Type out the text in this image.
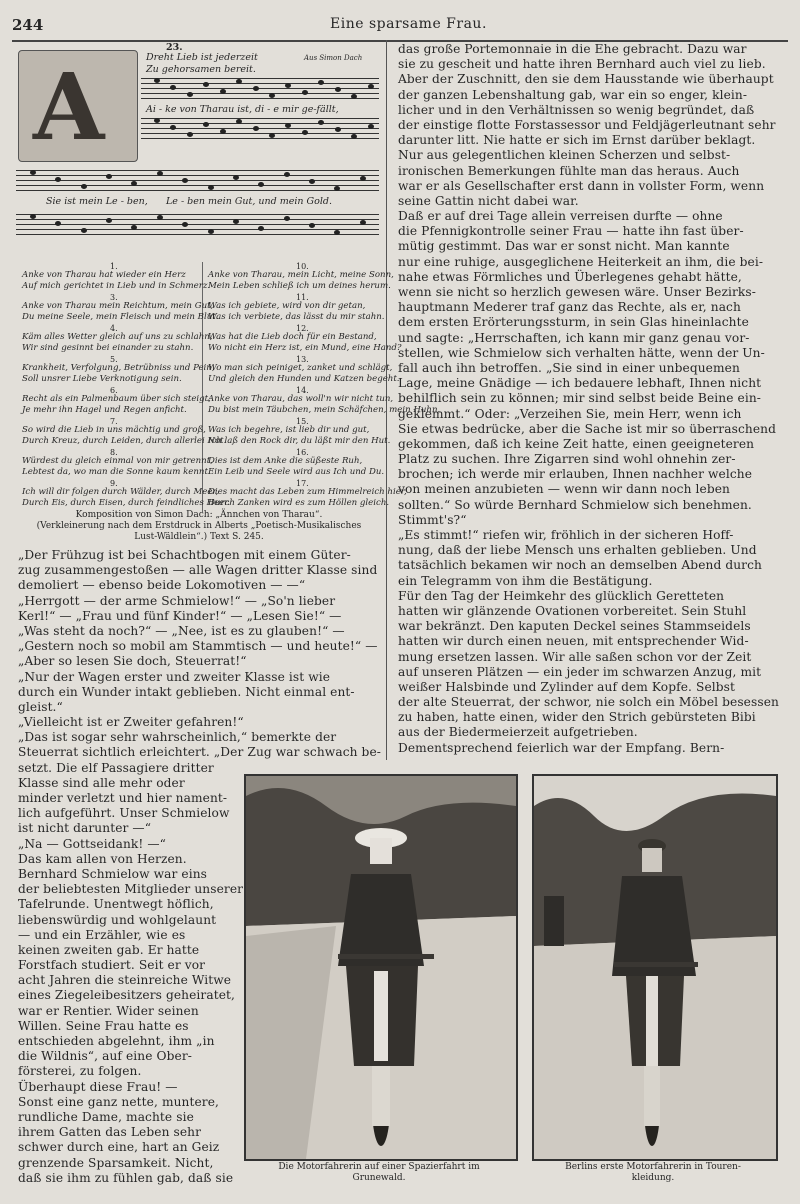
244	Eine sparsame Frau.
A
23.
Dreht Lieb ist jederzeit
Zu gehorsamen bereit.
Aus Simon Dach
Ai - ke von Tharau ist, di - e mir ge-fällt,
Sie ist mein Le - ben, Le - ben mein Gut, und mein Gold.
1.
Anke von Tharau hat wieder ein Herz
Auf mich gerichtet in Lieb und in Schmerz.
3.
Anke von Tharau mein Reichtum, mein Gut,
Du meine Seele, mein Fleisch und mein Blut.
4.
Käm alles Wetter gleich auf uns zu schlahn,
Wir sind gesinnt bei einander zu stahn.
5.
Krankheit, Verfolgung, Betrübniss und Pein,
Soll unsrer Liebe Verknotigung sein.
6.
Recht als ein Palmenbaum über sich steigt,
Je mehr ihn Hagel und Regen anficht.
7.
So wird die Lieb in uns mächtig und groß,
Durch Kreuz, durch Leiden, durch allerlei Not.
8.
Würdest du gleich einmal von mir getrennt,
Lebtest da, wo man die Sonne kaum kennt.
9.
Ich will dir folgen durch Wälder, durch Meer,
Durch Eis, durch Eisen, durch feindliches Heer.
10.
Anke von Tharau, mein Licht, meine Sonn,
Mein Leben schließ ich um deines herum.
11.
Was ich gebiete, wird von dir getan,
Was ich verbiete, das lässt du mir stahn.
12.
Was hat die Lieb doch für ein Bestand,
Wo nicht ein Herz ist, ein Mund, eine Hand?
13.
Wo man sich peiniget, zanket und schlägt,
Und gleich den Hunden und Katzen begeht.
14.
Anke von Tharau, das woll'n wir nicht tun,
Du bist mein Täubchen, mein Schäfchen, mein Huhn.
15.
Was ich begehre, ist lieb dir und gut,
Ich laß den Rock dir, du läßt mir den Hut.
16.
Dies ist dem Anke die süßeste Ruh,
Ein Leib und Seele wird aus Ich und Du.
17.
Dies macht das Leben zum Himmelreich hier,
Durch Zanken wird es zum Höllen gleich.
Komposition von Simon Dach: „Ännchen von Tharau“.
(Verkleinerung nach dem Erstdruck in Alberts „Poetisch-Musikalisches
Lust-Wäldlein“.) Text S. 245.
„Der Frühzug ist bei Schachtbogen mit einem Güter-
zug zusammengestoßen — alle Wagen dritter Klasse sind
demoliert — ebenso beide Lokomotiven — —“
„Herrgott — der arme Schmielow!“ — „So'n lieber
Kerl!“ — „Frau und fünf Kinder!“ — „Lesen Sie!“ —
„Was steht da noch?“ — „Nee, ist es zu glauben!“ —
„Gestern noch so mobil am Stammtisch — und heute!“ —
„Aber so lesen Sie doch, Steuerrat!“
„Nur der Wagen erster und zweiter Klasse ist wie
durch ein Wunder intakt geblieben. Nicht einmal ent-
gleist.“
„Vielleicht ist er Zweiter gefahren!“
„Das ist sogar sehr wahrscheinlich,“ bemerkte der
Steuerrat sichtlich erleichtert. „Der Zug war schwach be-
setzt. Die elf Passagiere dritter
Klasse sind alle mehr oder
minder verletzt und hier nament-
lich aufgeführt. Unser Schmielow
ist nicht darunter —“
„Na — Gottseidank! —“
Das kam allen von Herzen.
Bernhard Schmielow war eins
der beliebtesten Mitglieder unserer
Tafelrunde. Unentwegt höflich,
liebenswürdig und wohlgelaunt
— und ein Erzähler, wie es
keinen zweiten gab. Er hatte
Forstfach studiert. Seit er vor
acht Jahren die steinreiche Witwe
eines Ziegeleibesitzers geheiratet,
war er Rentier. Wider seinen
Willen. Seine Frau hatte es
entschieden abgelehnt, ihm „in
die Wildnis“, auf eine Ober-
försterei, zu folgen.
Überhaupt diese Frau! —
Sonst eine ganz nette, muntere,
rundliche Dame, machte sie
ihrem Gatten das Leben sehr
schwer durch eine, hart an Geiz
grenzende Sparsamkeit. Nicht,
daß sie ihm zu fühlen gab, daß sie
das große Portemonnaie in die Ehe gebracht. Dazu war
sie zu gescheit und hatte ihren Bernhard auch viel zu lieb.
Aber der Zuschnitt, den sie dem Hausstande wie überhaupt
der ganzen Lebenshaltung gab, war ein so enger, klein-
licher und in den Verhältnissen so wenig begründet, daß
der einstige flotte Forstassessor und Feldjägerleutnant sehr
darunter litt. Nie hatte er sich im Ernst darüber beklagt.
Nur aus gelegentlichen kleinen Scherzen und selbst-
ironischen Bemerkungen fühlte man das heraus. Auch
war er als Gesellschafter erst dann in vollster Form, wenn
seine Gattin nicht dabei war.
Daß er auf drei Tage allein verreisen durfte — ohne
die Pfennigkontrolle seiner Frau — hatte ihn fast über-
mütig gestimmt. Das war er sonst nicht. Man kannte
nur eine ruhige, ausgeglichene Heiterkeit an ihm, die bei-
nahe etwas Förmliches und Überlegenes gehabt hätte,
wenn sie nicht so herzlich gewesen wäre. Unser Bezirks-
hauptmann Mederer traf ganz das Rechte, als er, nach
dem ersten Erörterungssturm, in sein Glas hineinlachte
und sagte: „Herrschaften, ich kann mir ganz genau vor-
stellen, wie Schmielow sich verhalten hätte, wenn der Un-
fall auch ihn betroffen. „Sie sind in einer unbequemen
Lage, meine Gnädige — ich bedauere lebhaft, Ihnen nicht
behilflich sein zu können; mir sind selbst beide Beine ein-
geklemmt.“ Oder: „Verzeihen Sie, mein Herr, wenn ich
Sie etwas bedrücke, aber die Sache ist mir so überraschend
gekommen, daß ich keine Zeit hatte, einen geeigneteren
Platz zu suchen. Ihre Zigarren sind wohl ohnehin zer-
brochen; ich werde mir erlauben, Ihnen nachher welche
von meinen anzubieten — wenn wir dann noch leben
sollten.“ So würde Bernhard Schmielow sich benehmen.
Stimmt's?“
„Es stimmt!“ riefen wir, fröhlich in der sicheren Hoff-
nung, daß der liebe Mensch uns erhalten geblieben. Und
tatsächlich bekamen wir noch an demselben Abend durch
ein Telegramm von ihm die Bestätigung.
Für den Tag der Heimkehr des glücklich Geretteten
hatten wir glänzende Ovationen vorbereitet. Sein Stuhl
war bekränzt. Den kaputen Deckel seines Stammseidels
hatten wir durch einen neuen, mit entsprechender Wid-
mung ersetzen lassen. Wir alle saßen schon vor der Zeit
auf unseren Plätzen — ein jeder im schwarzen Anzug, mit
weißer Halsbinde und Zylinder auf dem Kopfe. Selbst
der alte Steuerrat, der schwor, nie solch ein Möbel besessen
zu haben, hatte einen, wider den Strich gebürsteten Bibi
aus der Biedermeierzeit aufgetrieben.
Dementsprechend feierlich war der Empfang. Bern-
Die Motorfahrerin auf einer Spazierfahrt im
Grunewald.
Berlins erste Motorfahrerin in Touren-
kleidung.
